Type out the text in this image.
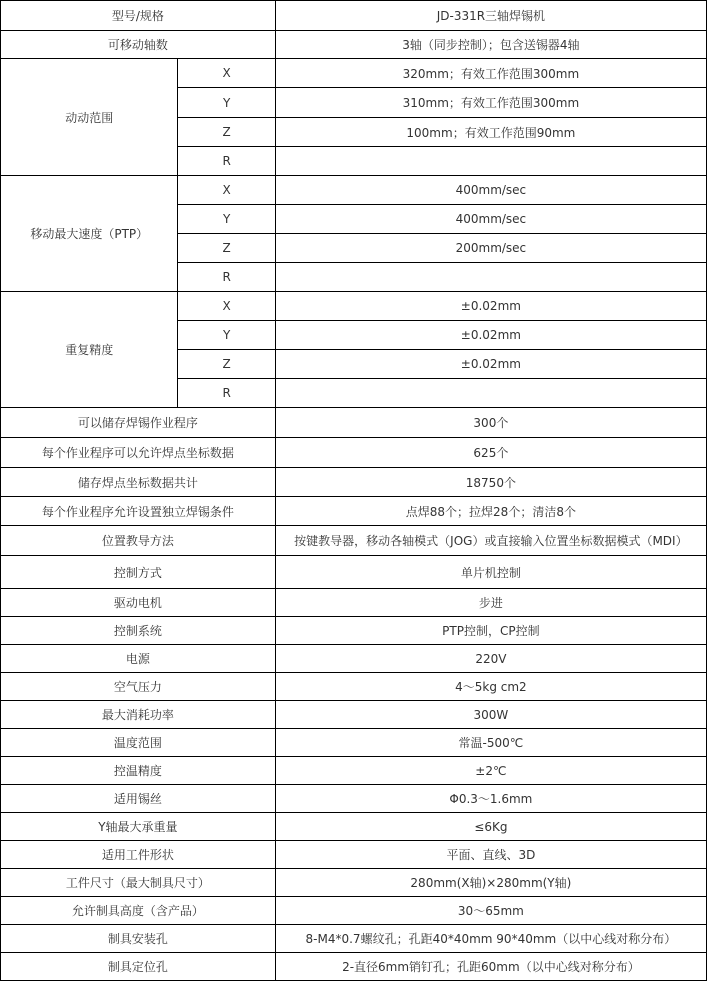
型号/规格		JD-331R三轴焊锡机
可移动轴数		3轴（同步控制）；包含送锡器4轴
动动范围	X	320mm；有效工作范围300mm
	Y	310mm；有效工作范围300mm
	Z	100mm；有效工作范围90mm
	R	
移动最大速度（PTP）	X	400mm/sec
	Y	400mm/sec
	Z	200mm/sec
	R	
重复精度	X	±0.02mm
	Y	±0.02mm
	Z	±0.02mm
	R	
可以储存焊锡作业程序		300个
每个作业程序可以允许焊点坐标数据		625个
储存焊点坐标数据共计		18750个
每个作业程序允许设置独立焊锡条件		点焊88个；拉焊28个；清洁8个
位置教导方法		按键教导器，移动各轴模式（JOG）或直接输入位置坐标数据模式（MDI）
控制方式		单片机控制
驱动电机		步进
控制系统		PTP控制，CP控制
电源		220V
空气压力		4～5kg cm2
最大消耗功率		300W
温度范围		常温-500℃
控温精度		±2℃
适用锡丝		Φ0.3～1.6mm
Y轴最大承重量		≤6Kg
适用工件形状		平面、直线、3D
工件尺寸（最大制具尺寸）		280mm(X轴)×280mm(Y轴)
允许制具高度（含产品）		30～65mm
制具安装孔		8-M4*0.7螺纹孔；孔距40*40mm 90*40mm（以中心线对称分布）
制具定位孔		2-直径6mm销钉孔；孔距60mm（以中心线对称分布）
